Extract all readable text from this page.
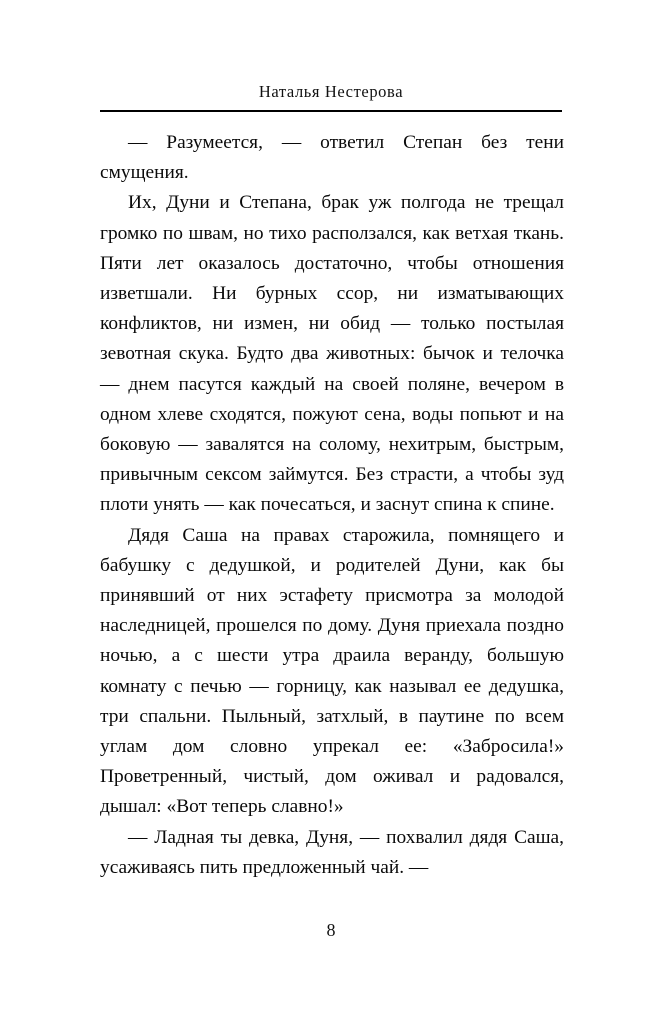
Наталья Нестерова

— Разумеется, — ответил Степан без тени смущения.

Их, Дуни и Степана, брак уж полгода не трещал громко по швам, но тихо расползался, как ветхая ткань. Пяти лет оказалось достаточно, чтобы отношения изветшали. Ни бурных ссор, ни изматывающих конфликтов, ни измен, ни обид — только постылая зевотная скука. Будто два животных: бычок и телочка — днем пасутся каждый на своей поляне, вечером в одном хлеве сходятся, пожуют сена, воды попьют и на боковую — завалятся на солому, нехитрым, быстрым, привычным сексом займутся. Без страсти, а чтобы зуд плоти унять — как почесаться, и заснут спина к спине.

Дядя Саша на правах старожила, помнящего и бабушку с дедушкой, и родителей Дуни, как бы принявший от них эстафету присмотра за молодой наследницей, прошелся по дому. Дуня приехала поздно ночью, а с шести утра драила веранду, большую комнату с печью — горницу, как называл ее дедушка, три спальни. Пыльный, затхлый, в паутине по всем углам дом словно упрекал ее: «Забросила!» Проветренный, чистый, дом оживал и радовался, дышал: «Вот теперь славно!»

— Ладная ты девка, Дуня, — похвалил дядя Саша, усаживаясь пить предложенный чай. —

8
